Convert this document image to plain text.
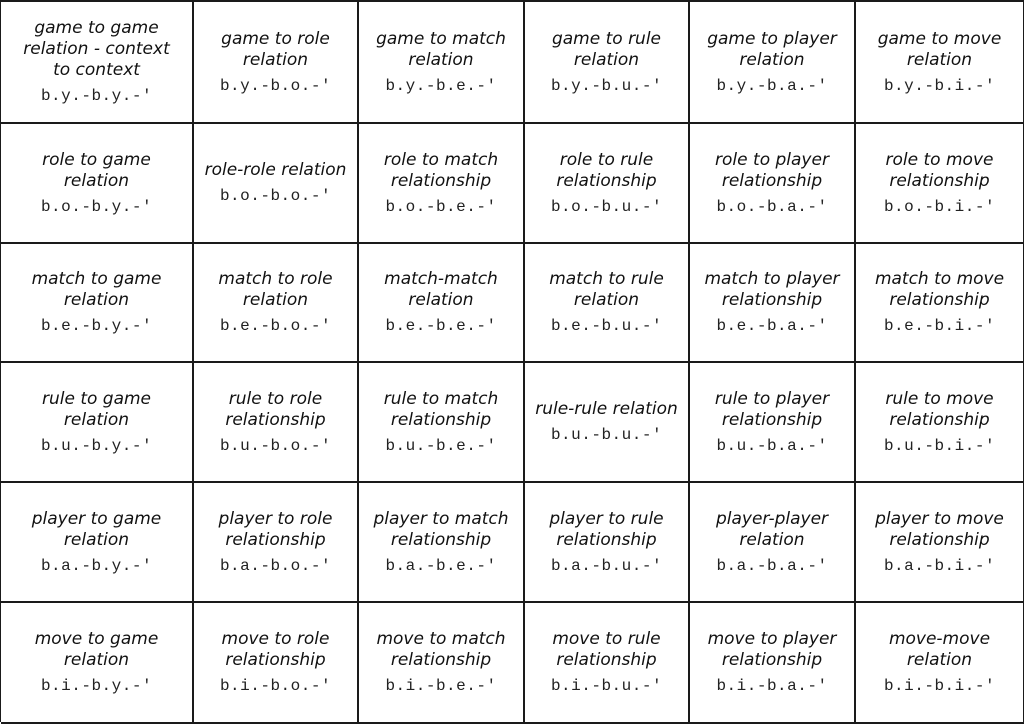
game to game relation - context to context
b.y.-b.y.-'
game to role relation
b.y.-b.o.-'
game to match relation
b.y.-b.e.-'
game to rule relation
b.y.-b.u.-'
game to player relation
b.y.-b.a.-'
game to move relation
b.y.-b.i.-'
role to game relation
b.o.-b.y.-'
role-role relation
b.o.-b.o.-'
role to match relationship
b.o.-b.e.-'
role to rule relationship
b.o.-b.u.-'
role to player relationship
b.o.-b.a.-'
role to move relationship
b.o.-b.i.-'
match to game relation
b.e.-b.y.-'
match to role relation
b.e.-b.o.-'
match-match relation
b.e.-b.e.-'
match to rule relation
b.e.-b.u.-'
match to player relationship
b.e.-b.a.-'
match to move relationship
b.e.-b.i.-'
rule to game relation
b.u.-b.y.-'
rule to role relationship
b.u.-b.o.-'
rule to match relationship
b.u.-b.e.-'
rule-rule relation
b.u.-b.u.-'
rule to player relationship
b.u.-b.a.-'
rule to move relationship
b.u.-b.i.-'
player to game relation
b.a.-b.y.-'
player to role relationship
b.a.-b.o.-'
player to match relationship
b.a.-b.e.-'
player to rule relationship
b.a.-b.u.-'
player-player relation
b.a.-b.a.-'
player to move relationship
b.a.-b.i.-'
move to game relation
b.i.-b.y.-'
move to role relationship
b.i.-b.o.-'
move to match relationship
b.i.-b.e.-'
move to rule relationship
b.i.-b.u.-'
move to player relationship
b.i.-b.a.-'
move-move relation
b.i.-b.i.-'
